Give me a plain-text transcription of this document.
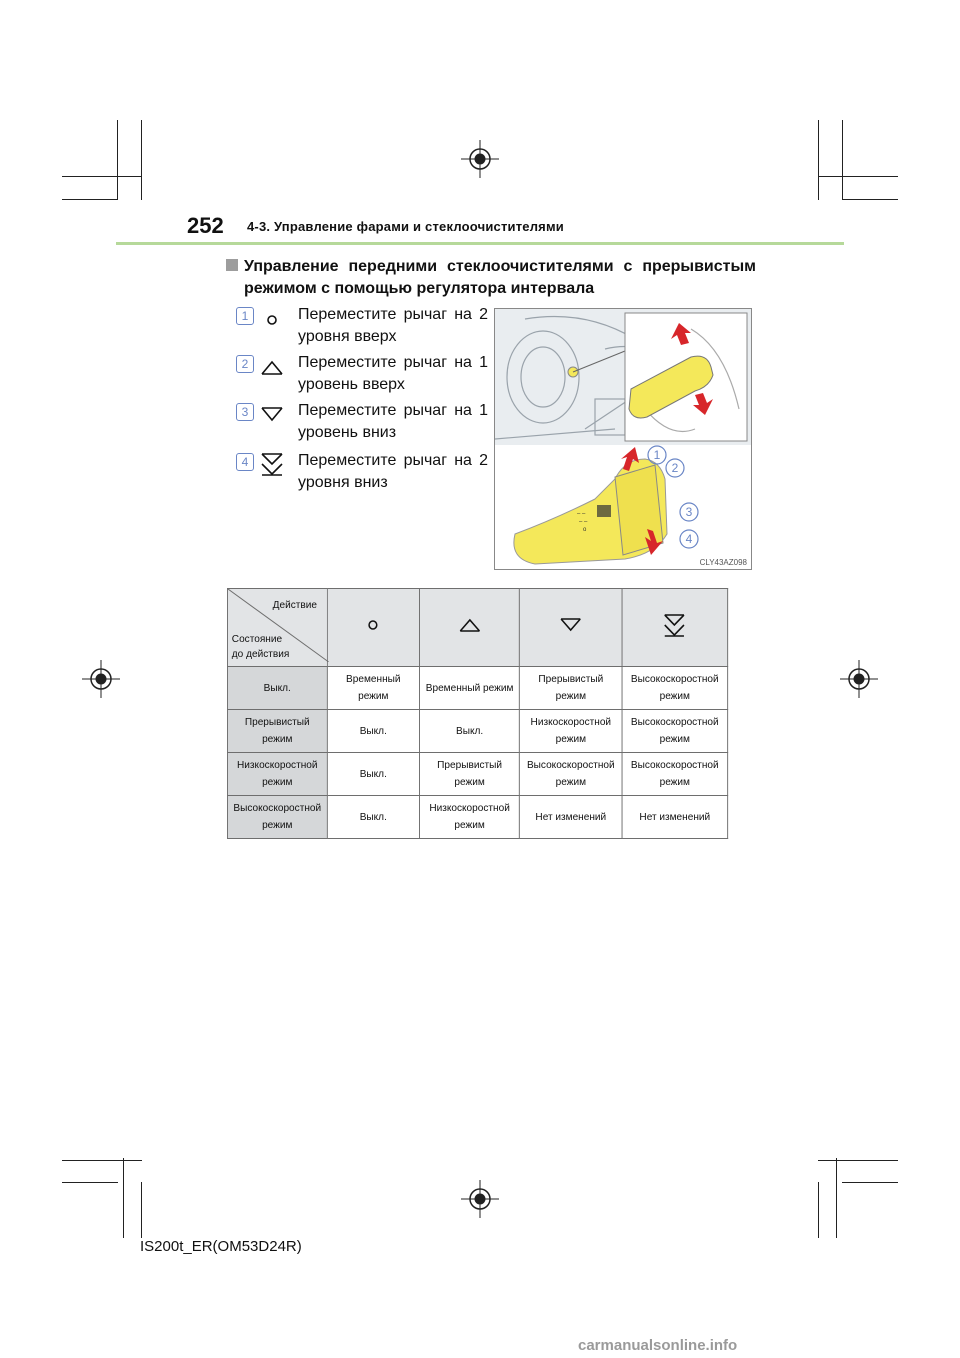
252 4-3. Управление фарами и стеклоочистителями
Управление передними стеклоочистителями с прерывистым
режимом с помощью регулятора интервала
1	Переместите рычаг на 2 уровня вверх
2	Переместите рычаг на 1 уровень вверх
3	Переместите рычаг на 1 уровень вниз
4	Переместите рычаг на 2 уровня вниз
– –
– –
o
1
2
3
4
CLY43AZ098
Действие
Состояние
до действия

Выкл.	Временный режим	Временный режим	Прерывистый режим	Высокоскоростной режим
Прерывистый режим	Выкл.	Выкл.	Низкоскоростной режим	Высокоскоростной режим
Низкоскоростной режим	Выкл.	Прерывистый режим	Высокоскоростной режим	Высокоскоростной режим
Высокоскоростной режим	Выкл.	Низкоскоростной режим	Нет изменений	Нет изменений
IS200t_ER(OM53D24R)
carmanualsonline.info
